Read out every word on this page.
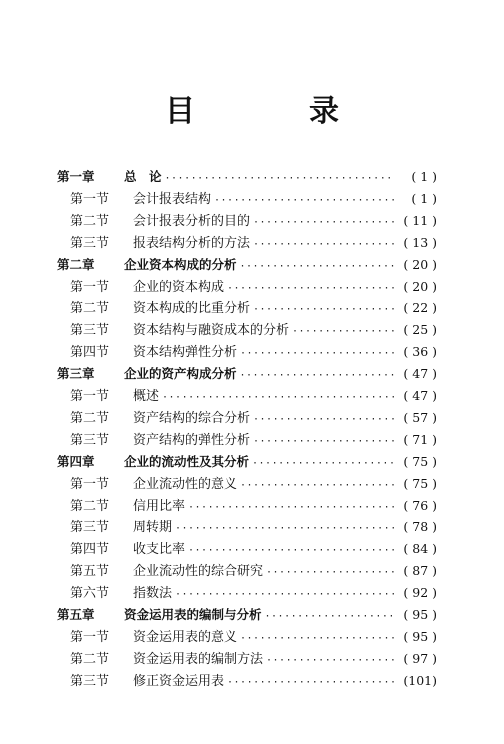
目　录
第一章	总　论 ·····	( 1 )
第一节	会计报表结构 ·····	( 1 )
第二节	会计报表分析的目的 ·····	( 11 )
第三节	报表结构分析的方法 ·····	( 13 )
第二章	企业资本构成的分析 ·····	( 20 )
第一节	企业的资本构成 ·····	( 20 )
第二节	资本构成的比重分析 ·····	( 22 )
第三节	资本结构与融资成本的分析 ·····	( 25 )
第四节	资本结构弹性分析 ·····	( 36 )
第三章	企业的资产构成分析 ·····	( 47 )
第一节	概述 ·····	( 47 )
第二节	资产结构的综合分析 ·····	( 57 )
第三节	资产结构的弹性分析 ·····	( 71 )
第四章	企业的流动性及其分析 ·····	( 75 )
第一节	企业流动性的意义 ·····	( 75 )
第二节	信用比率 ·····	( 76 )
第三节	周转期 ·····	( 78 )
第四节	收支比率 ·····	( 84 )
第五节	企业流动性的综合研究 ·····	( 87 )
第六节	指数法 ·····	( 92 )
第五章	资金运用表的编制与分析 ·····	( 95 )
第一节	资金运用表的意义 ·····	( 95 )
第二节	资金运用表的编制方法 ·····	( 97 )
第三节	修正资金运用表 ·····	(101)
